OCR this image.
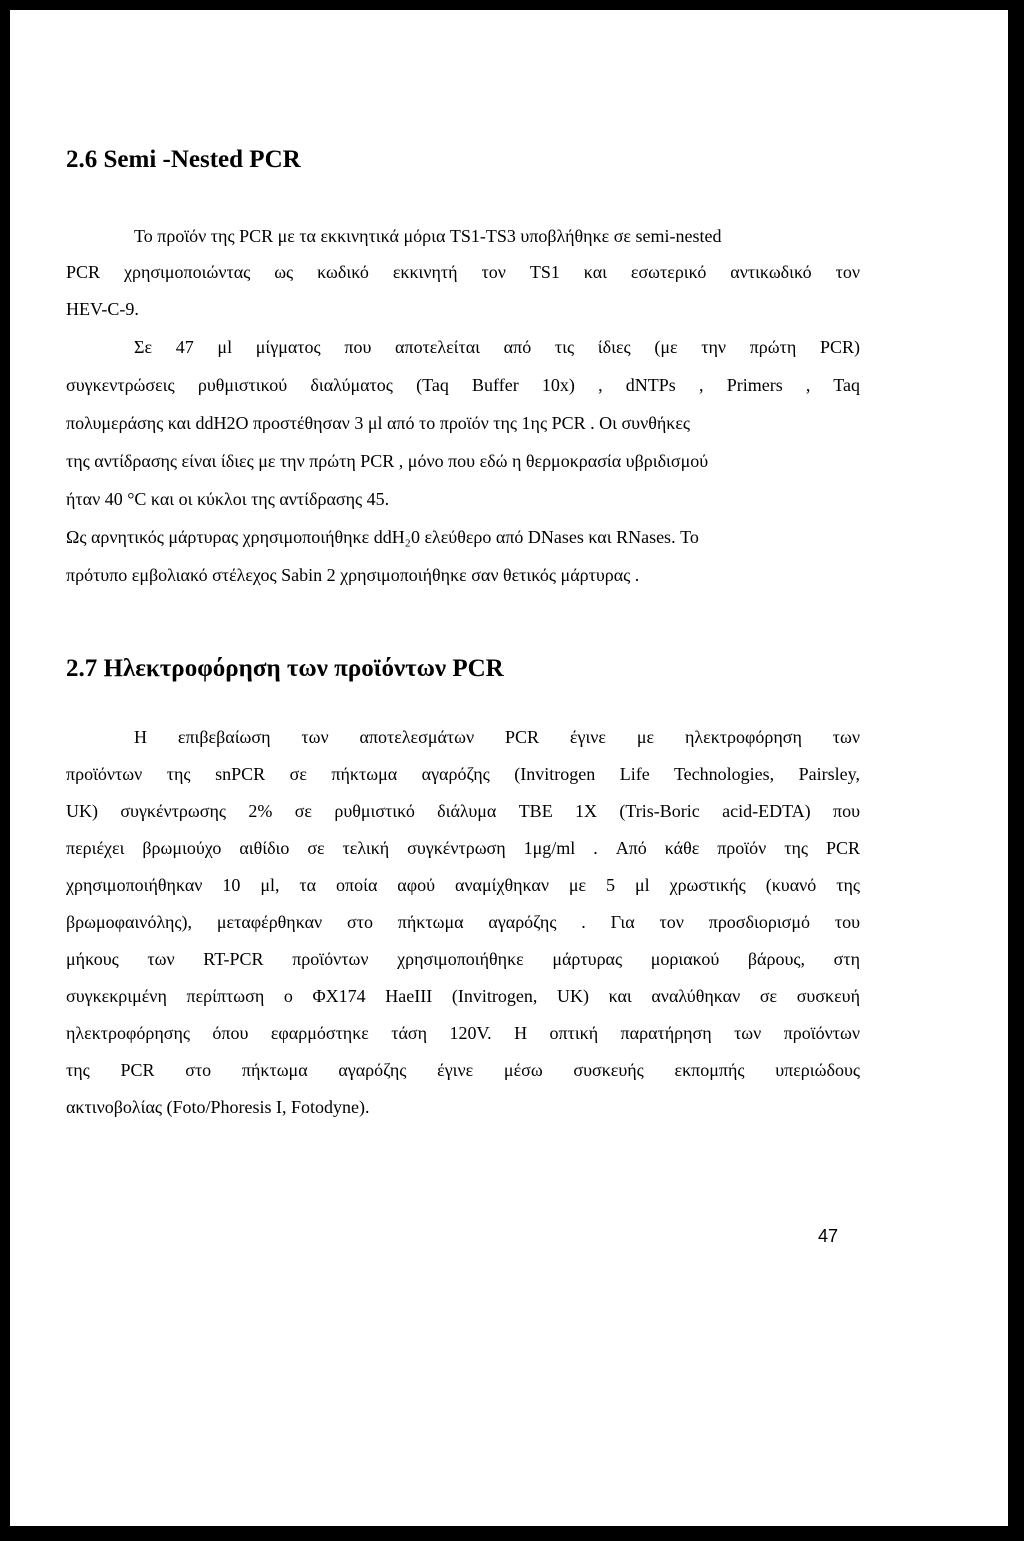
2.6 Semi -Nested PCR
Το προϊόν της PCR με τα εκκινητικά μόρια TS1-TS3 υποβλήθηκε σε semi-nested
PCR χρησιμοποιώντας ως κωδικό εκκινητή τον TS1 και εσωτερικό αντικωδικό τον
HEV-C-9.
Σε 47 μl μίγματος που αποτελείται από τις ίδιες (με την πρώτη PCR)
συγκεντρώσεις ρυθμιστικού διαλύματος (Taq Buffer 10x) , dNTPs , Primers , Taq
πολυμεράσης και ddH2O προστέθησαν 3 μl από το προϊόν της 1ης PCR . Οι συνθήκες
της αντίδρασης είναι ίδιες με την πρώτη PCR , μόνο που εδώ η θερμοκρασία υβριδισμού
ήταν 40 °C και οι κύκλοι της αντίδρασης 45.
Ως αρνητικός μάρτυρας χρησιμοποιήθηκε ddH₂0 ελεύθερο από DNases και RNases. Το
πρότυπο εμβολιακό στέλεχος Sabin 2 χρησιμοποιήθηκε σαν θετικός μάρτυρας .
2.7 Ηλεκτροφόρηση των προϊόντων PCR
Η επιβεβαίωση των αποτελεσμάτων PCR έγινε με ηλεκτροφόρηση των
προϊόντων της snPCR σε πήκτωμα αγαρόζης (Invitrogen Life Technologies, Pairsley,
UK) συγκέντρωσης 2% σε ρυθμιστικό διάλυμα TBE 1X (Tris-Boric acid-EDTA) που
περιέχει βρωμιούχο αιθίδιο σε τελική συγκέντρωση 1μg/ml . Από κάθε προϊόν της PCR
χρησιμοποιήθηκαν 10 μl, τα οποία αφού αναμίχθηκαν με 5 μl χρωστικής (κυανό της
βρωμοφαινόλης), μεταφέρθηκαν στο πήκτωμα αγαρόζης . Για τον προσδιορισμό του
μήκους των RT-PCR προϊόντων χρησιμοποιήθηκε μάρτυρας μοριακού βάρους, στη
συγκεκριμένη περίπτωση ο ΦΧ174 HaeIII (Invitrogen, UK) και αναλύθηκαν σε συσκευή
ηλεκτροφόρησης όπου εφαρμόστηκε τάση 120V. Η οπτική παρατήρηση των προϊόντων
της PCR στο πήκτωμα αγαρόζης έγινε μέσω συσκευής εκπομπής υπεριώδους
ακτινοβολίας (Foto/Phoresis I, Fotodyne).
47
